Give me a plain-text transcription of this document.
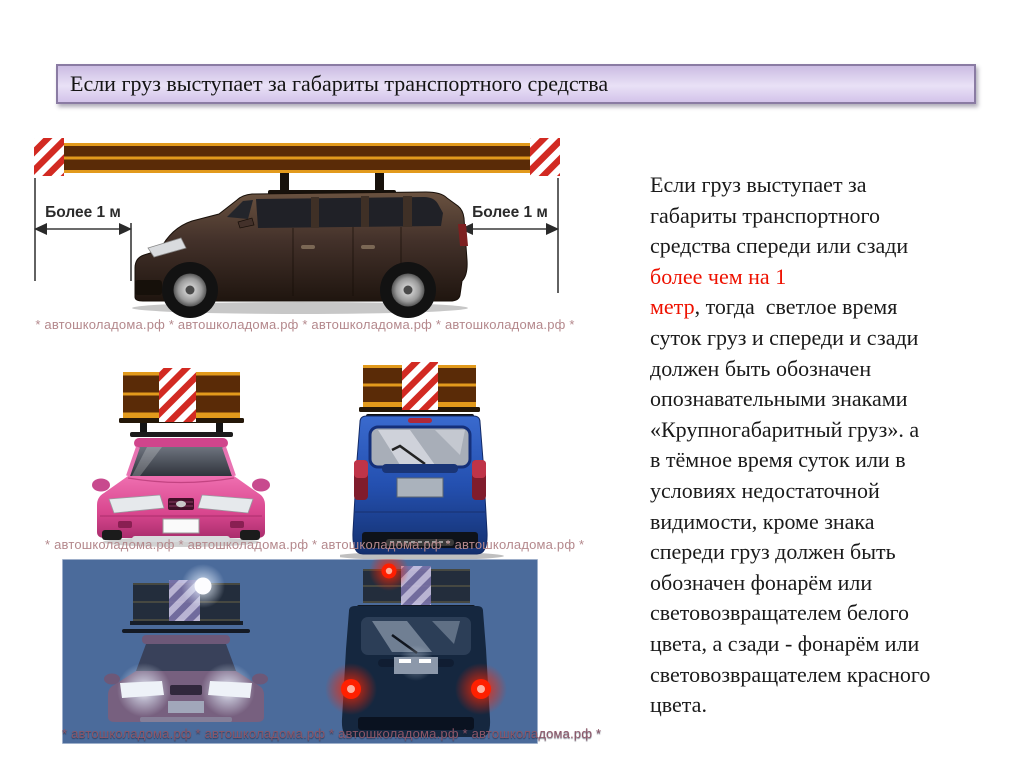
Если груз выступает за габариты транспортного средства
Более 1 м	Более 1 м
* автошколадома.рф * автошколадома.рф * автошколадома.рф * автошколадома.рф *
* автошколадома.рф * автошколадома.рф * автошколадома.рф * автошколадома.рф *
* автошколадома.рф * автошколадома.рф * автошколадома.рф * автошколадома.рф *
Если груз выступает за
габариты транспортного
средства спереди или сзади
более чем на 1
метр, тогда  светлое время
суток груз и спереди и сзади
должен быть обозначен
опознавательными знаками
«Крупногабаритный груз». а
в тёмное время суток или в
условиях недостаточной
видимости, кроме знака
спереди груз должен быть
обозначен фонарём или
световозвращателем белого
цвета, а сзади - фонарём или
световозвращателем красного
цвета.
